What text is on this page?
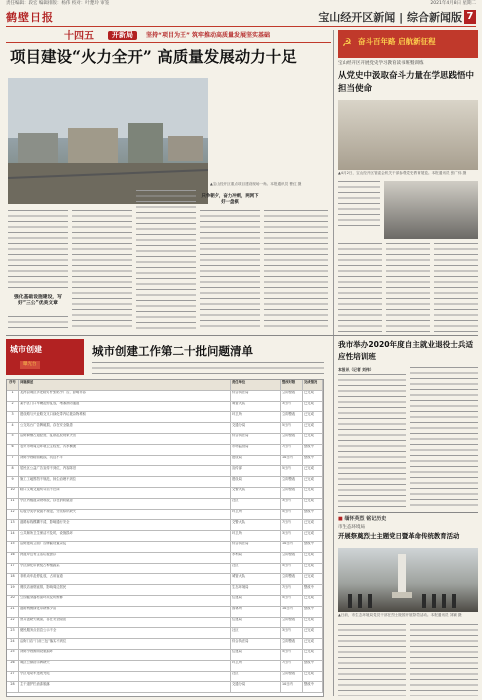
责任编辑：段宏 编辑排版：杨伟 校对：叶楚玲 审签	2021年4月8日 星期二
鹤壁日报	宝山经开区新闻 | 综合新闻版 7
十四五	开新局	坚持“项目为王” 筑牢推动高质量发展坚实基础
项目建设“火力全开” 高质量发展动力十足
▲宝山经开区重点项目建设现场一角。本报通讯员 曹红 摄
强化基础设施建设，写好“三公”优美文章
只争朝夕，奋力冲刺，两网下好一盘棋
☭ 奋斗百年路 启航新征程
宝山经开区开展党史学习教育读书班暨训练
从党史中汲取奋斗力量在学思践悟中担当使命
▲4月2日，宝山经开区管委会机关干部参观党史教育展览。本报通讯员 张广伟 摄
城市创建
曝光台
城市创建工作第二十批问题清单
序号	问题描述	责任单位	整改时限	完成情况
1	龙河县城区多处路灯杆张贴小广告，影响市容	综合执法局	立即整改	已完成
2	某小区门口车辆乱停乱放，堵塞消防通道	城管大队	3日内	已完成
3	建设路与兴业路交叉口绿化带内垃圾杂物堆积	环卫所	立即整改	已完成
4	公交站台广告牌破损，存在安全隐患	交通分局	5日内	已完成
5	沿街商铺占道经营，乱摆乱放现象突出	综合执法局	立即整改	已完成
6	农贸市场周边环境卫生较差，污水横流	市场监管局	7日内	整改中
7	背街小巷路面破损，坑洼不平	建设局	10日内	整改中
8	居民区公益广告宣传不到位，内容陈旧	宣传部	5日内	已完成
9	施工工地围挡不规范，扬尘治理不到位	建设局	立即整改	已完成
10	路口文明交通劝导员不在岗	交警大队	立即整改	已完成
11	小区内楼道杂物堆放，存在消防隐患	社区	3日内	已完成
12	垃圾分类亭设置不规范，分类标识缺失	环卫所	5日内	整改中
13	道路标线模糊不清，影响通行安全	交警大队	7日内	已完成
14	公共厕所卫生保洁不及时，设施损坏	环卫所	3日内	已完成
15	沿街建筑立面广告牌匾设置杂乱	综合执法局	10日内	整改中
16	河道岸边有生活垃圾漂浮	水利局	立即整改	已完成
17	小区绿化带被侵占种植蔬菜	社区	5日内	已完成
18	非机动车乱停乱放，占用盲道	城管大队	立即整改	已完成
19	餐饮店油烟直排，影响周边居民	生态环境局	7日内	整改中
20	公园健身器材损坏未及时维修	住建局	5日内	已完成
21	道路两侧绿化带缺株少苗	园林所	10日内	整改中
22	窨井盖缺失破损，存在安全隐患	住建局	立即整改	已完成
23	便民服务点信息公示不全	社区	3日内	已完成
24	沿街门店“门前三包”落实不到位	综合执法局	立即整改	已完成
25	背街小巷照明设施损坏	住建局	5日内	已完成
26	城区公厕指示牌缺失	环卫所	7日内	整改中
27	小区电动车违规充电	社区	立即整改	已完成
28	主干道护栏油漆脱落	交通分局	10日内	整改中
我市举办2020年度自主就业退役士兵适应性培训班
本报讯（记者 刘伟）
■ 缅怀英烈 铭记历史
市生态环境局
开展祭奠烈士主题党日暨革命传统教育活动
▲日前，市生态环境局党员干部在烈士陵园开展祭奠活动。本报通讯员 刘颖 摄
